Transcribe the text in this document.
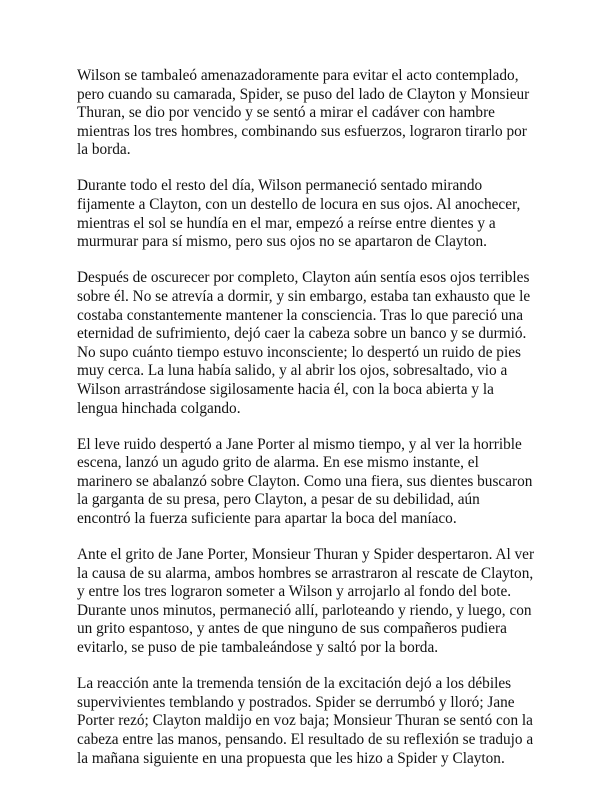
Wilson se tambaleó amenazadoramente para evitar el acto contemplado, pero cuando su camarada, Spider, se puso del lado de Clayton y Monsieur Thuran, se dio por vencido y se sentó a mirar el cadáver con hambre mientras los tres hombres, combinando sus esfuerzos, lograron tirarlo por la borda.

Durante todo el resto del día, Wilson permaneció sentado mirando fijamente a Clayton, con un destello de locura en sus ojos. Al anochecer, mientras el sol se hundía en el mar, empezó a reírse entre dientes y a murmurar para sí mismo, pero sus ojos no se apartaron de Clayton.

Después de oscurecer por completo, Clayton aún sentía esos ojos terribles sobre él. No se atrevía a dormir, y sin embargo, estaba tan exhausto que le costaba constantemente mantener la consciencia. Tras lo que pareció una eternidad de sufrimiento, dejó caer la cabeza sobre un banco y se durmió. No supo cuánto tiempo estuvo inconsciente; lo despertó un ruido de pies muy cerca. La luna había salido, y al abrir los ojos, sobresaltado, vio a Wilson arrastrándose sigilosamente hacia él, con la boca abierta y la lengua hinchada colgando.

El leve ruido despertó a Jane Porter al mismo tiempo, y al ver la horrible escena, lanzó un agudo grito de alarma. En ese mismo instante, el marinero se abalanzó sobre Clayton. Como una fiera, sus dientes buscaron la garganta de su presa, pero Clayton, a pesar de su debilidad, aún encontró la fuerza suficiente para apartar la boca del maníaco.

Ante el grito de Jane Porter, Monsieur Thuran y Spider despertaron. Al ver la causa de su alarma, ambos hombres se arrastraron al rescate de Clayton, y entre los tres lograron someter a Wilson y arrojarlo al fondo del bote. Durante unos minutos, permaneció allí, parloteando y riendo, y luego, con un grito espantoso, y antes de que ninguno de sus compañeros pudiera evitarlo, se puso de pie tambaleándose y saltó por la borda.

La reacción ante la tremenda tensión de la excitación dejó a los débiles supervivientes temblando y postrados. Spider se derrumbó y lloró; Jane Porter rezó; Clayton maldijo en voz baja; Monsieur Thuran se sentó con la cabeza entre las manos, pensando. El resultado de su reflexión se tradujo a la mañana siguiente en una propuesta que les hizo a Spider y Clayton.
